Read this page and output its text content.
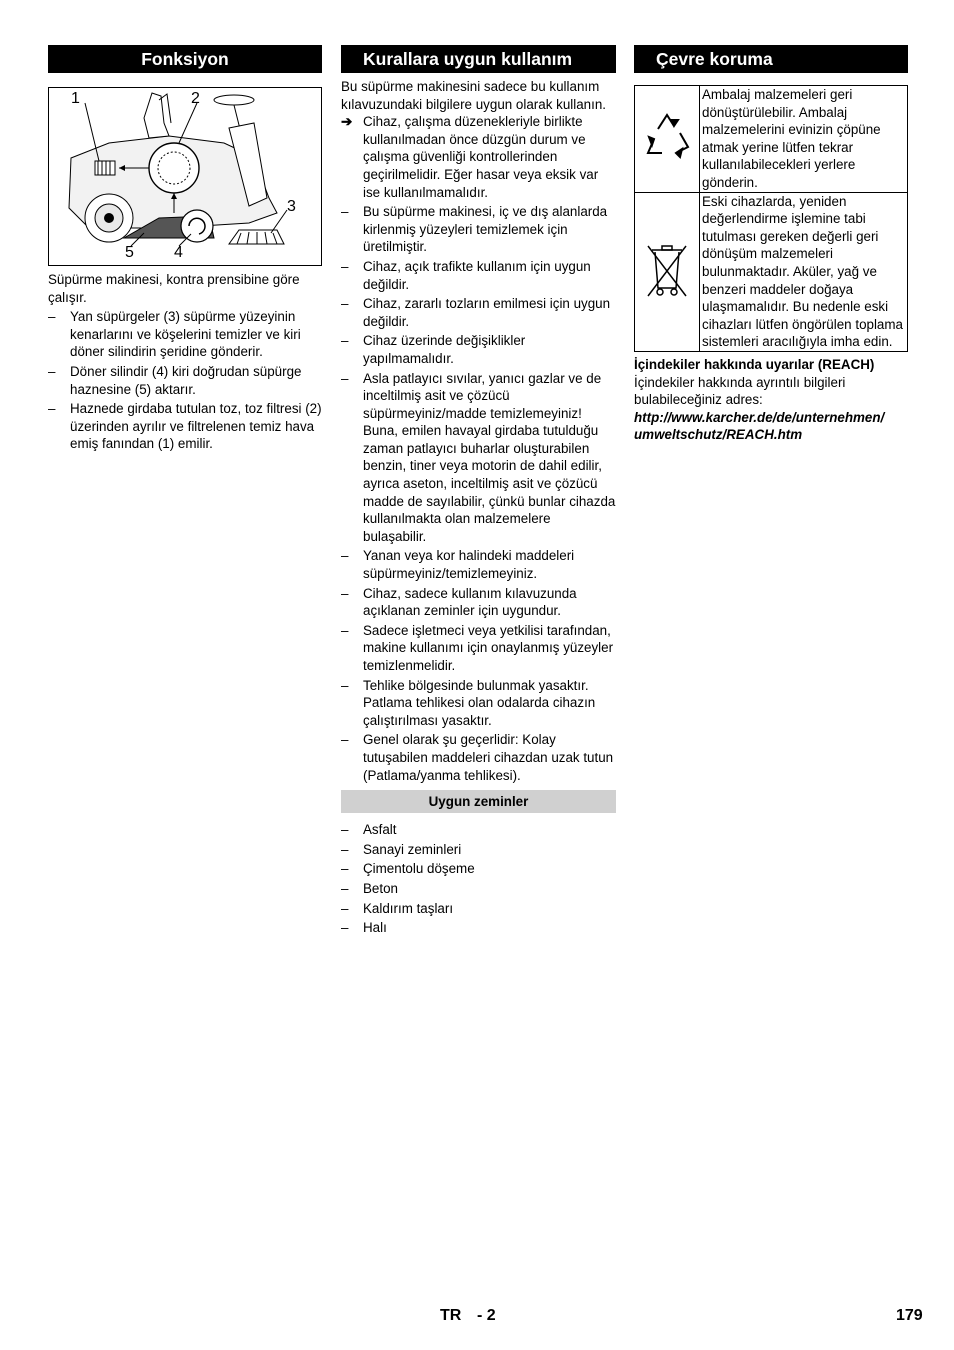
Fonksiyon
1	2
3
4
5

Süpürme makinesi, kontra prensibine göre çalışır.

– Yan süpürgeler (3) süpürme yüzeyinin kenarlarını ve köşelerini temizler ve kiri döner silindirin şeridine gönderir.
– Döner silindir (4) kiri doğrudan süpürge haznesine (5) aktarır.
– Haznede girdaba tutulan toz, toz filtresi (2) üzerinden ayrılır ve filtrelenen temiz hava emiş fanından (1) emilir.
Kurallara uygun kullanım

Bu süpürme makinesini sadece bu kullanım kılavuzundaki bilgilere uygun olarak kullanın.

➔ Cihaz, çalışma düzenekleriyle birlikte kullanılmadan önce düzgün durum ve çalışma güvenliği kontrollerinden geçirilmelidir. Eğer hasar veya eksik var ise kullanılmamalıdır.
– Bu süpürme makinesi, iç ve dış alanlarda kirlenmiş yüzeyleri temizlemek için üretilmiştir.
– Cihaz, açık trafikte kullanım için uygun değildir.
– Cihaz, zararlı tozların emilmesi için uygun değildir.
– Cihaz üzerinde değişiklikler yapılmamalıdır.
– Asla patlayıcı sıvılar, yanıcı gazlar ve de inceltilmiş asit ve çözücü süpürmeyiniz/madde temizlemeyiniz! Buna, emilen havayal girdaba tutulduğu zaman patlayıcı buharlar oluşturabilen benzin, tiner veya motorin de dahil edilir, ayrıca aseton, inceltilmiş asit ve çözücü madde de sayılabilir, çünkü bunlar cihazda kullanılmakta olan malzemelere bulaşabilir.
– Yanan veya kor halindeki maddeleri süpürmeyiniz/temizlemeyiniz.
– Cihaz, sadece kullanım kılavuzunda açıklanan zeminler için uygundur.
– Sadece işletmeci veya yetkilisi tarafından, makine kullanımı için onaylanmış yüzeyler temizlenmelidir.
– Tehlike bölgesinde bulunmak yasaktır. Patlama tehlikesi olan odalarda cihazın çalıştırılması yasaktır.
– Genel olarak şu geçerlidir: Kolay tutuşabilen maddeleri cihazdan uzak tutun (Patlama/yanma tehlikesi).
Uygun zeminler
– Asfalt
– Sanayi zeminleri
– Çimentolu döşeme
– Beton
– Kaldırım taşları
– Halı
Çevre koruma
	Ambalaj malzemeleri geri dönüştürülebilir. Ambalaj malzemelerini evinizin çöpüne atmak yerine lütfen tekrar kullanılabilecekleri yerlere gönderin.
	Eski cihazlarda, yeniden değerlendirme işlemine tabi tutulması gereken değerli geri dönüşüm malzemeleri bulunmaktadır. Aküler, yağ ve benzeri maddeler doğaya ulaşmamalıdır. Bu nedenle eski cihazları lütfen öngörülen toplama sistemleri aracılığıyla imha edin.

İçindekiler hakkında uyarılar (REACH)

İçindekiler hakkında ayrıntılı bilgileri bulabileceğiniz adres:

http://www.karcher.de/de/unternehmen/

umweltschutz/REACH.htm

TR - 2	179
